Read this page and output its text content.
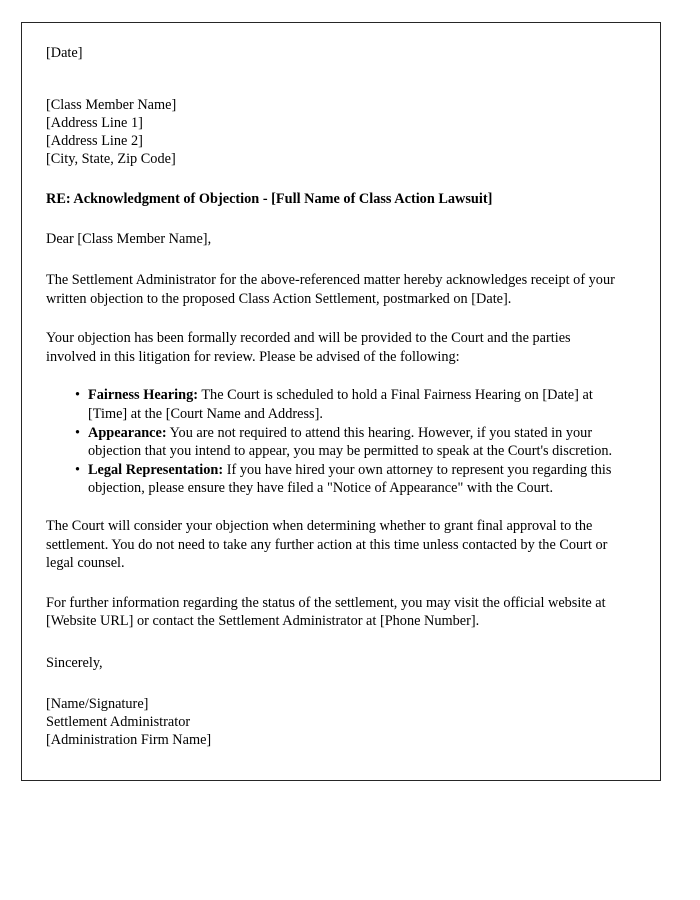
[Date]
[Class Member Name]
[Address Line 1]
[Address Line 2]
[City, State, Zip Code]
RE: Acknowledgment of Objection - [Full Name of Class Action Lawsuit]
Dear [Class Member Name],

The Settlement Administrator for the above-referenced matter hereby acknowledges receipt of your written objection to the proposed Class Action Settlement, postmarked on [Date].

Your objection has been formally recorded and will be provided to the Court and the parties involved in this litigation for review. Please be advised of the following:

• Fairness Hearing: The Court is scheduled to hold a Final Fairness Hearing on [Date] at [Time] at the [Court Name and Address].
• Appearance: You are not required to attend this hearing. However, if you stated in your objection that you intend to appear, you may be permitted to speak at the Court's discretion.
• Legal Representation: If you have hired your own attorney to represent you regarding this objection, please ensure they have filed a "Notice of Appearance" with the Court.

The Court will consider your objection when determining whether to grant final approval to the settlement. You do not need to take any further action at this time unless contacted by the Court or legal counsel.

For further information regarding the status of the settlement, you may visit the official website at [Website URL] or contact the Settlement Administrator at [Phone Number].

Sincerely,
[Name/Signature]
Settlement Administrator
[Administration Firm Name]
